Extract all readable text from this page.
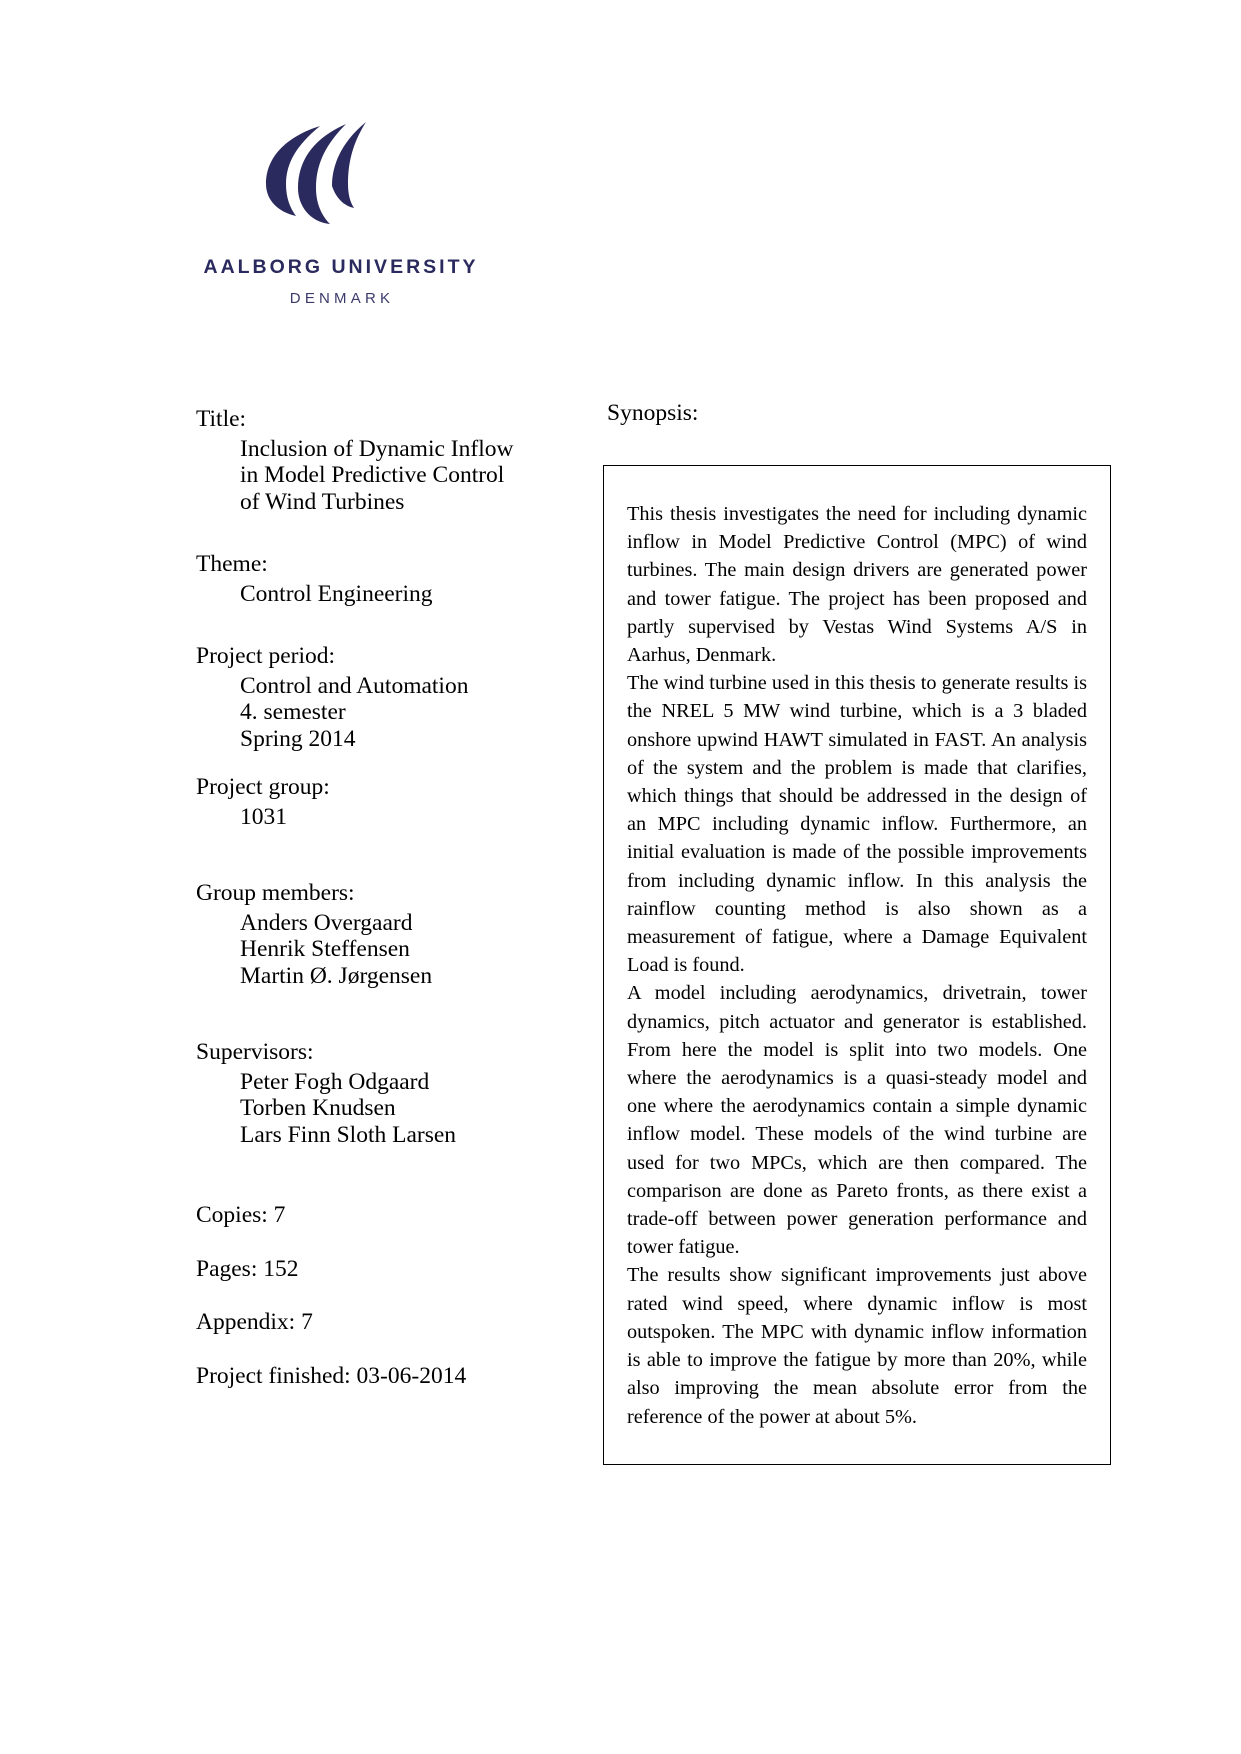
AALBORG UNIVERSITY
DENMARK
Title:
Inclusion of Dynamic Inflow
in Model Predictive Control
of Wind Turbines
Theme:
Control Engineering
Project period:
Control and Automation
4. semester
Spring 2014
Project group:
1031
Group members:
Anders Overgaard
Henrik Steffensen
Martin Ø. Jørgensen
Supervisors:
Peter Fogh Odgaard
Torben Knudsen
Lars Finn Sloth Larsen
Copies: 7
Pages: 152
Appendix: 7
Project finished: 03-06-2014
Synopsis:

This thesis investigates the need for including dynamic inflow in Model Predictive Control (MPC) of wind turbines. The main design drivers are generated power and tower fatigue. The project has been proposed and partly supervised by Vestas Wind Systems A/S in Aarhus, Denmark.

The wind turbine used in this thesis to generate results is the NREL 5 MW wind turbine, which is a 3 bladed onshore upwind HAWT simulated in FAST. An analysis of the system and the problem is made that clarifies, which things that should be addressed in the design of an MPC including dynamic inflow. Furthermore, an initial evaluation is made of the possible improvements from including dynamic inflow. In this analysis the rainflow counting method is also shown as a measurement of fatigue, where a Damage Equivalent Load is found.

A model including aerodynamics, drivetrain, tower dynamics, pitch actuator and generator is established. From here the model is split into two models. One where the aerodynamics is a quasi-steady model and one where the aerodynamics contain a simple dynamic inflow model. These models of the wind turbine are used for two MPCs, which are then compared. The comparison are done as Pareto fronts, as there exist a trade-off between power generation performance and tower fatigue.

The results show significant improvements just above rated wind speed, where dynamic inflow is most outspoken. The MPC with dynamic inflow information is able to improve the fatigue by more than 20%, while also improving the mean absolute error from the reference of the power at about 5%.
